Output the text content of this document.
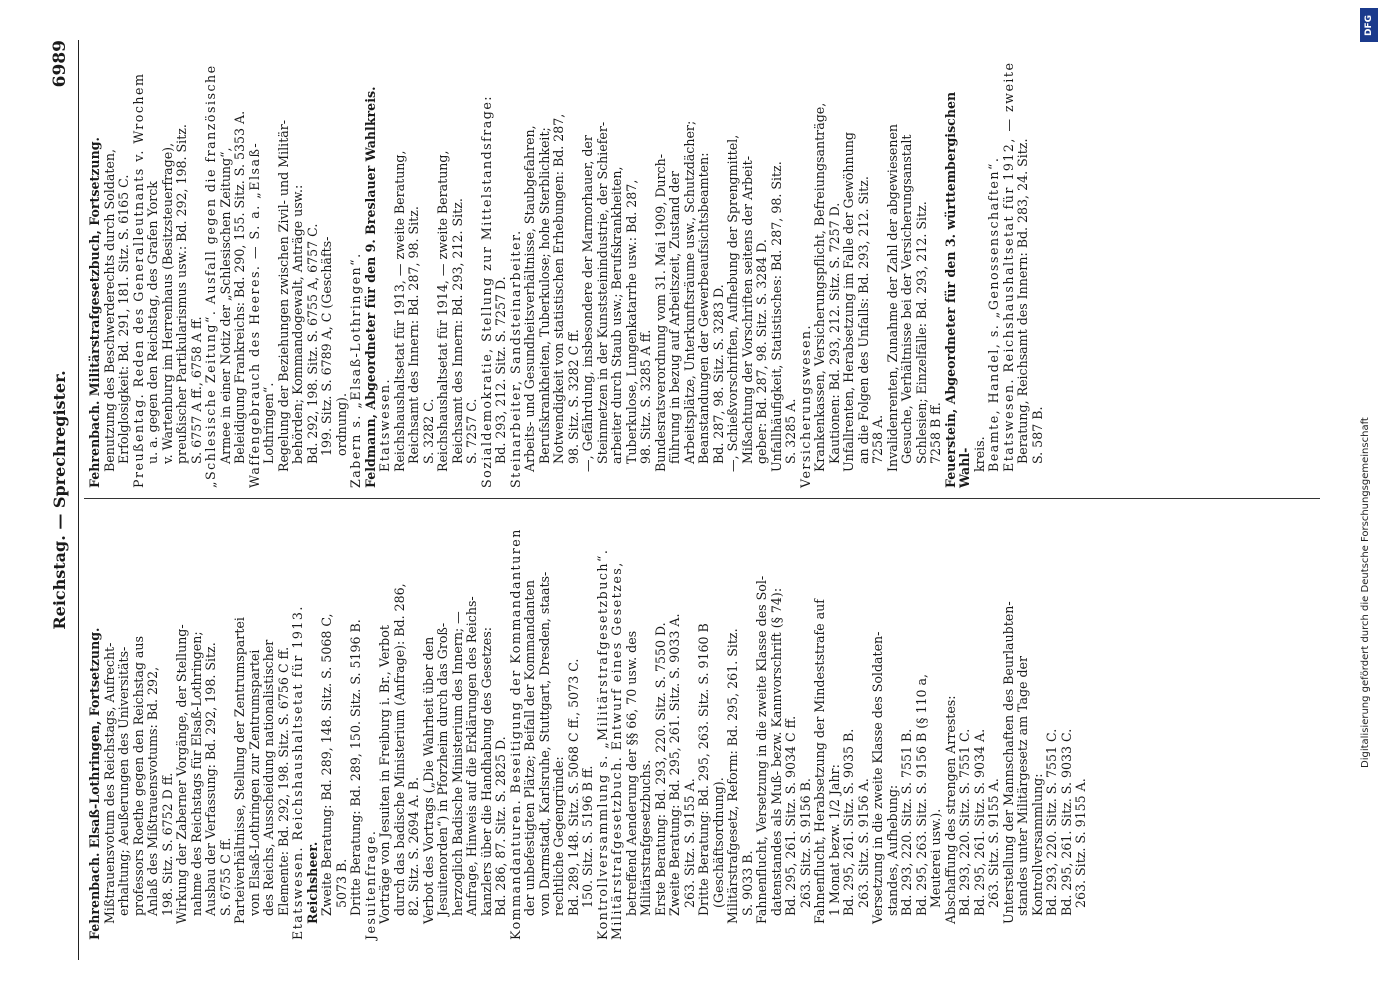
Reichstag. — Sprechregister.
6989
Fehrenbach. Elsaß-Lothringen, Fortsetzung. Mißtrauensvotum des Reichstags, Aufrecht- erhaltung; Aeußerungen des Universitäts- professors Roethe gegen den Reichstag aus Anlaß des Mißtrauensvotums: Bd. 292, 198. Sitz. S. 6752 D ff. Wirkung der Zaberner Vorgänge, der Stellung- nahme des Reichstags für Elsaß-Lothringen; Ausbau der Verfassung: Bd. 292, 198. Sitz. S. 6755 C ff. Parteiverhältnisse, Stellung der Zentrumspartei von Elsaß-Lothringen zur Zentrumspartei des Reichs, Ausscheidung nationalistischer Elemente: Bd. 292, 198. Sitz. S. 6756 C ff. Etatswesen. Reichshaushaltsetat für 1913. Reichsheer. Zweite Beratung: Bd. 289, 148. Sitz. S. 5068 C, 5073 B. Dritte Beratung: Bd. 289, 150. Sitz. S. 5196 B. Jesuitenfrage. Vorträge von Jesuiten in Freiburg i. Br., Verbot durch das badische Ministerium (Anfrage): Bd. 286, 82. Sitz. S. 2694 A. B. Verbot des Vortrags („Die Wahrheit über den Jesuitenorden“) in Pforzheim durch das Groß- herzoglich Badische Ministerium des Innern; — Anfrage, Hinweis auf die Erklärungen des Reichs- kanzlers über die Handhabung des Gesetzes: Bd. 286, 87. Sitz. S. 2825 D. Kommandanturen. Beseitigung der Kommandanturen der unbefestigten Plätze; Beifall der Kommandanten von Darmstadt, Karlsruhe, Stuttgart, Dresden, staats- rechtliche Gegengründe: Bd. 289, 148. Sitz. S. 5068 C ff., 5073 C. 150. Sitz. S. 5196 B ff. Kontrollversammlung s. „Militärstrafgesetzbuch“. Militärstrafgesetzbuch. Entwurf eines Gesetzes, betreffend Aenderung der §§ 66, 70 usw. des Militärstrafgesetzbuchs. Erste Beratung: Bd. 293, 220. Sitz. S. 7550 D. Zweite Beratung: Bd. 295, 261. Sitz. S. 9033 A. 263. Sitz. S. 9155 A. Dritte Beratung: Bd. 295, 263. Sitz. S. 9160 B (Geschäftsordnung). Militärstrafgesetz, Reform: Bd. 295, 261. Sitz. S. 9033 B. Fahnenflucht, Versetzung in die zweite Klasse des Sol- datenstandes als Muß- bezw. Kannvorschrift (§ 74): Bd. 295, 261. Sitz. S. 9034 C ff. 263. Sitz. S. 9156 B. Fahnenflucht, Herabsetzung der Mindeststrafe auf 1 Monat bezw. 1/2 Jahr: Bd. 295, 261. Sitz. S. 9035 B. 263. Sitz. S. 9156 A. Versetzung in die zweite Klasse des Soldaten- standes, Aufhebung: Bd. 293, 220. Sitz. S. 7551 B. Bd. 295, 263. Sitz. S. 9156 B (§ 110 a, Meuterei usw.). Abschaffung des strengen Arrestes: Bd. 293, 220. Sitz. S. 7551 C. Bd. 295, 261. Sitz. S. 9034 A. 263. Sitz. S. 9155 A. Unterstellung der Mannschaften des Beurlaubten- standes unter Militärgesetz am Tage der Kontrollversammlung: Bd. 293, 220. Sitz. S. 7551 C. Bd. 295, 261. Sitz. S. 9033 C. 263. Sitz. S. 9155 A.
Fehrenbach. Militärstrafgesetzbuch, Fortsetzung. Benutzung des Beschwerderechts durch Soldaten, Erfolglosigkeit: Bd. 291, 181. Sitz. S. 6165 C. Preußentag. Reden des Generalleutnants v. Wrochem u. a. gegen den Reichstag, des Grafen Yorck v. Wartenburg im Herrenhaus (Besitzsteuerfrage), preußischer Partikularismus usw.: Bd. 292, 198. Sitz. S. 6757 A ff., 6758 A ff. „Schlesische Zeitung“. Ausfall gegen die französische Armee in einer Notiz der „Schlesischen Zeitung“, Beleidigung Frankreichs: Bd. 290, 155. Sitz. S. 5353 A. Waffengebrauch des Heeres. — S. a. „Elsaß- Lothringen“. Regelung der Beziehungen zwischen Zivil- und Militär- behörden; Kommandogewalt, Anträge usw.: Bd. 292, 198. Sitz. S. 6755 A, 6757 C. 199. Sitz. S. 6789 A, C (Geschäfts- ordnung). Zabern s. „Elsaß-Lothringen“. Feldmann, Abgeordneter für den 9. Breslauer Wahlkreis. Etatswesen. Reichshaushaltsetat für 1913, — zweite Beratung, Reichsamt des Innern: Bd. 287, 98. Sitz. S. 3282 C. Reichshaushaltsetat für 1914, — zweite Beratung, Reichsamt des Innern: Bd. 293, 212. Sitz. S. 7257 C. Sozialdemokratie, Stellung zur Mittelstandsfrage: Bd. 293, 212. Sitz. S. 7257 D. Steinarbeiter, Sandsteinarbeiter. Arbeits- und Gesundheitsverhältnisse, Staubgefahren, Berufskrankheiten, Tuberkulose; hohe Sterblichkeit; Notwendigkeit von statistischen Erhebungen: Bd. 287, 98. Sitz. S. 3282 C ff. —, Gefährdung, insbesondere der Marmorhauer, der Steinmetzen in der Kunststeinindustrie, der Schiefer- arbeiter durch Staub usw.; Berufskrankheiten, Tuberkulose, Lungenkatarrhe usw.: Bd. 287, 98. Sitz. S. 3285 A ff. Bundesratsverordnung vom 31. Mai 1909, Durch- führung in bezug auf Arbeitszeit, Zustand der Arbeitsplätze, Unterkunftsräume usw., Schutzdächer; Beanstandungen der Gewerbeaufsichtsbeamten: Bd. 287, 98. Sitz. S. 3283 D. —, Schießvorschriften, Aufhebung der Sprengmittel, Mißachtung der Vorschriften seitens der Arbeit- geber: Bd. 287, 98. Sitz. S. 3284 D. Unfallhäufigkeit, Statistisches: Bd. 287, 98. Sitz. S. 3285 A. Versicherungswesen. Krankenkassen, Versicherungspflicht, Befreiungsanträge, Kautionen: Bd. 293, 212. Sitz. S. 7257 D. Unfallrenten, Herabsetzung im Falle der Gewöhnung an die Folgen des Unfalls: Bd. 293, 212. Sitz. 7258 A. Invalidenrenten, Zunahme der Zahl der abgewiesenen Gesuche, Verhältnisse bei der Versicherungsanstalt Schlesien; Einzelfälle: Bd. 293, 212. Sitz. 7258 B ff. Feuerstein, Abgeordneter für den 3. württembergischen Wahl- kreis. Beamte, Handel, s. „Genossenschaften“. Etatswesen. Reichshaushaltsetat für 1912, — zweite Beratung, Reichsamt des Innern: Bd. 283, 24. Sitz. S. 587 B.
DFG
Digitalisierung gefördert durch die Deutsche Forschungsgemeinschaft
